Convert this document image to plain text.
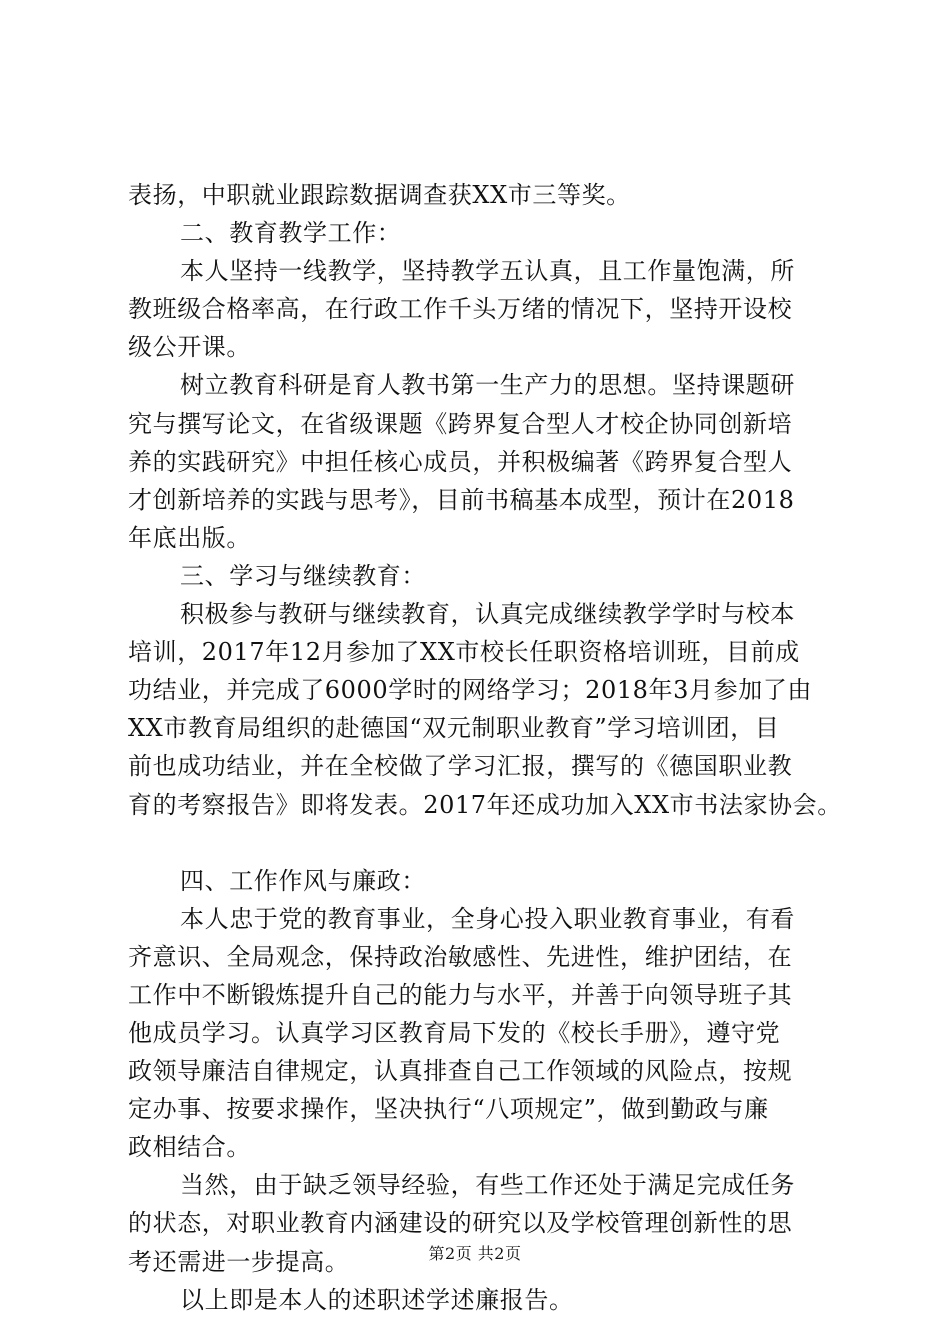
表扬，中职就业跟踪数据调查获XX市三等奖。
二、教育教学工作：
本人坚持一线教学，坚持教学五认真，且工作量饱满，所
教班级合格率高，在行政工作千头万绪的情况下，坚持开设校
级公开课。
树立教育科研是育人教书第一生产力的思想。坚持课题研
究与撰写论文，在省级课题《跨界复合型人才校企协同创新培
养的实践研究》中担任核心成员，并积极编著《跨界复合型人
才创新培养的实践与思考》，目前书稿基本成型，预计在2018
年底出版。
三、学习与继续教育：
积极参与教研与继续教育，认真完成继续教学学时与校本
培训，2017年12月参加了XX市校长任职资格培训班，目前成
功结业，并完成了6000学时的网络学习；2018年3月参加了由
XX市教育局组织的赴德国“双元制职业教育”学习培训团，目
前也成功结业，并在全校做了学习汇报，撰写的《德国职业教
育的考察报告》即将发表。2017年还成功加入XX市书法家协会。
四、工作作风与廉政：
本人忠于党的教育事业，全身心投入职业教育事业，有看
齐意识、全局观念，保持政治敏感性、先进性，维护团结，在
工作中不断锻炼提升自己的能力与水平，并善于向领导班子其
他成员学习。认真学习区教育局下发的《校长手册》，遵守党
政领导廉洁自律规定，认真排查自己工作领域的风险点，按规
定办事、按要求操作，坚决执行“八项规定”，做到勤政与廉
政相结合。
当然，由于缺乏领导经验，有些工作还处于满足完成任务
的状态，对职业教育内涵建设的研究以及学校管理创新性的思
考还需进一步提高。
以上即是本人的述职述学述廉报告。
第2页 共2页
